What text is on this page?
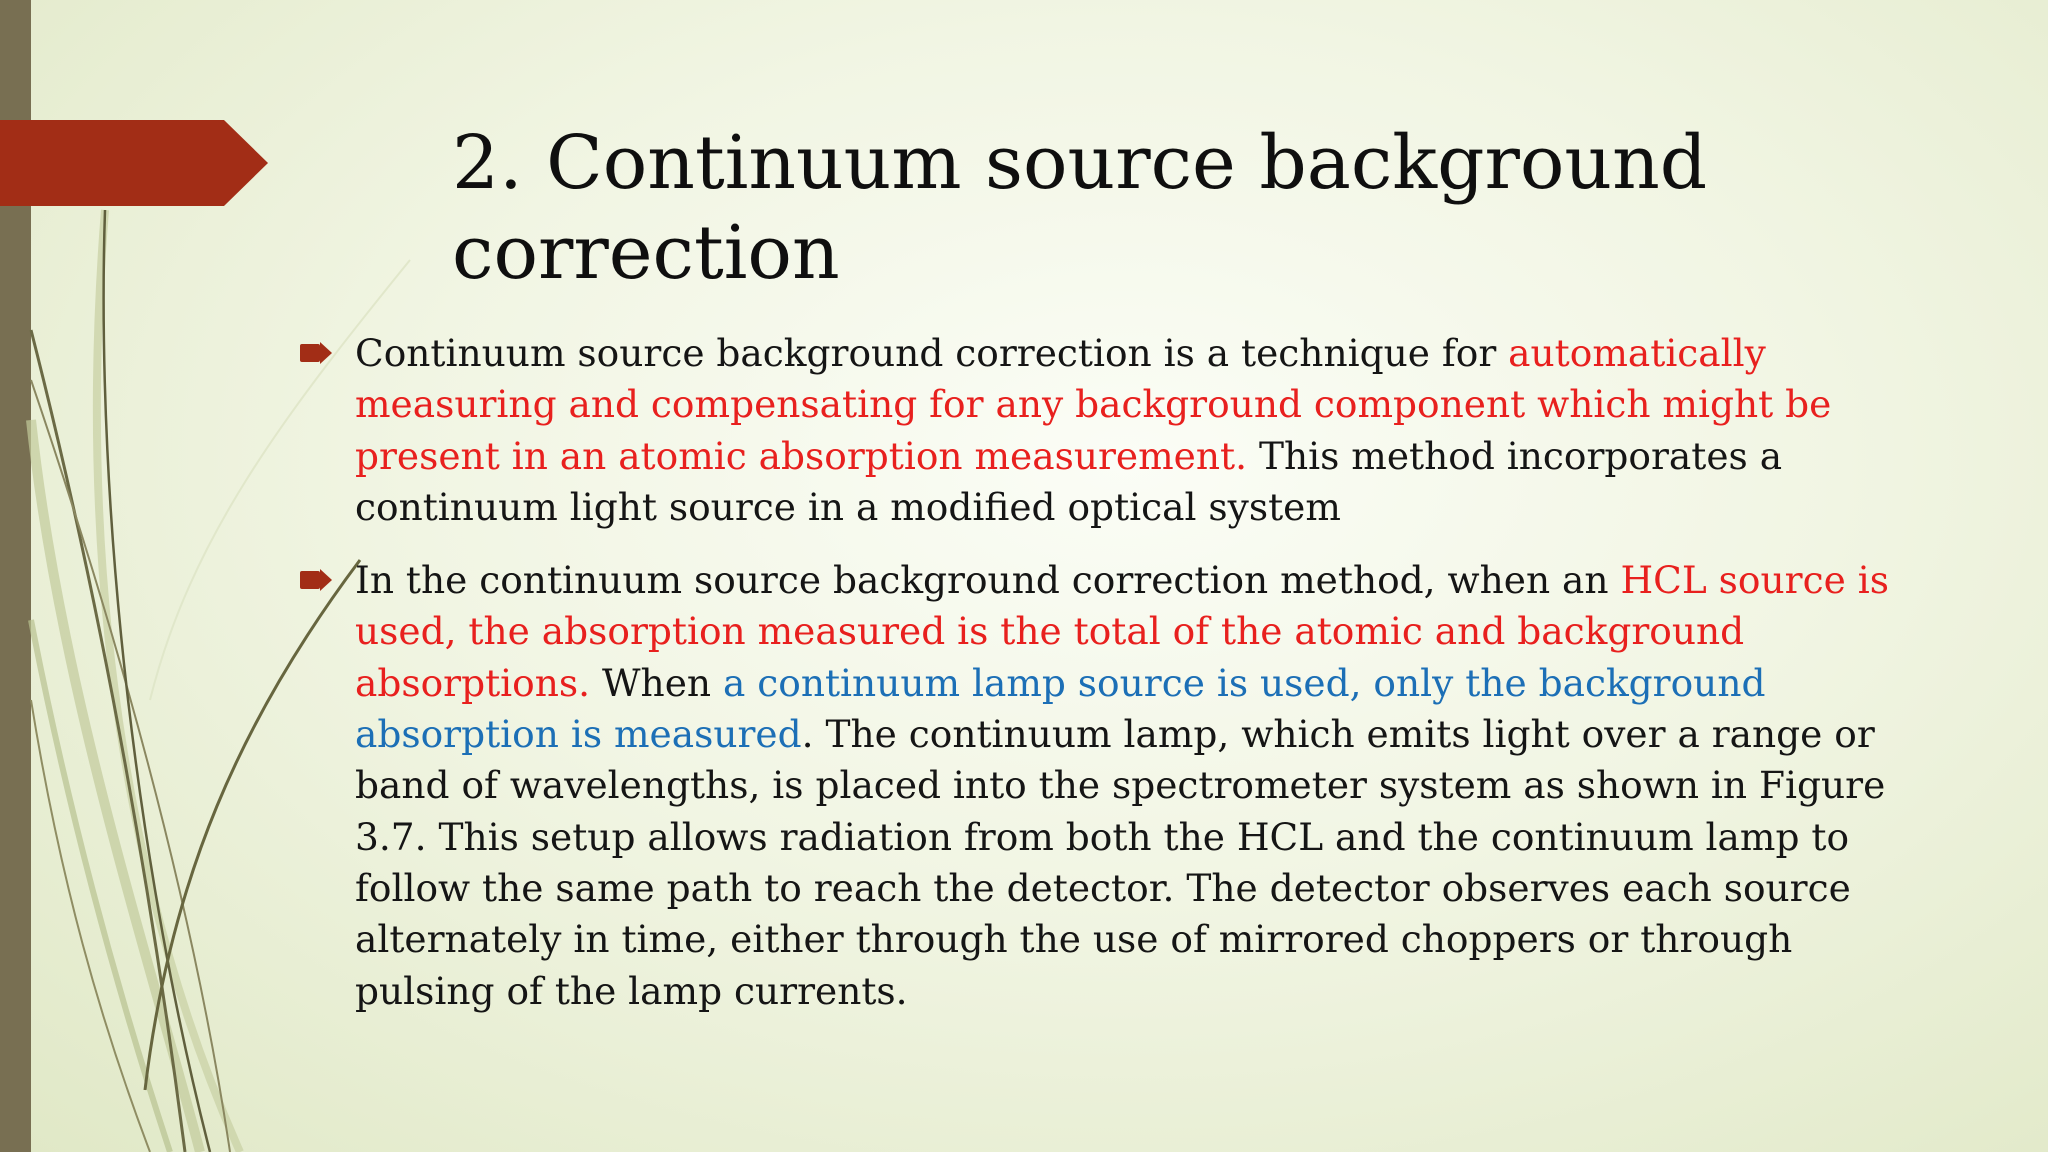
2. Continuum source background correction
Continuum source background correction is a technique for automatically measuring and compensating for any background component which might be present in an atomic absorption measurement. This method incorporates a continuum light source in a modified optical system
In the continuum source background correction method, when an HCL source is used, the absorption measured is the total of the atomic and background absorptions. When a continuum lamp source is used, only the background absorption is measured. The continuum lamp, which emits light over a range or band of wavelengths, is placed into the spectrometer system as shown in Figure 3.7. This setup allows radiation from both the HCL and the continuum lamp to follow the same path to reach the detector. The detector observes each source alternately in time, either through the use of mirrored choppers or through pulsing of the lamp currents.
